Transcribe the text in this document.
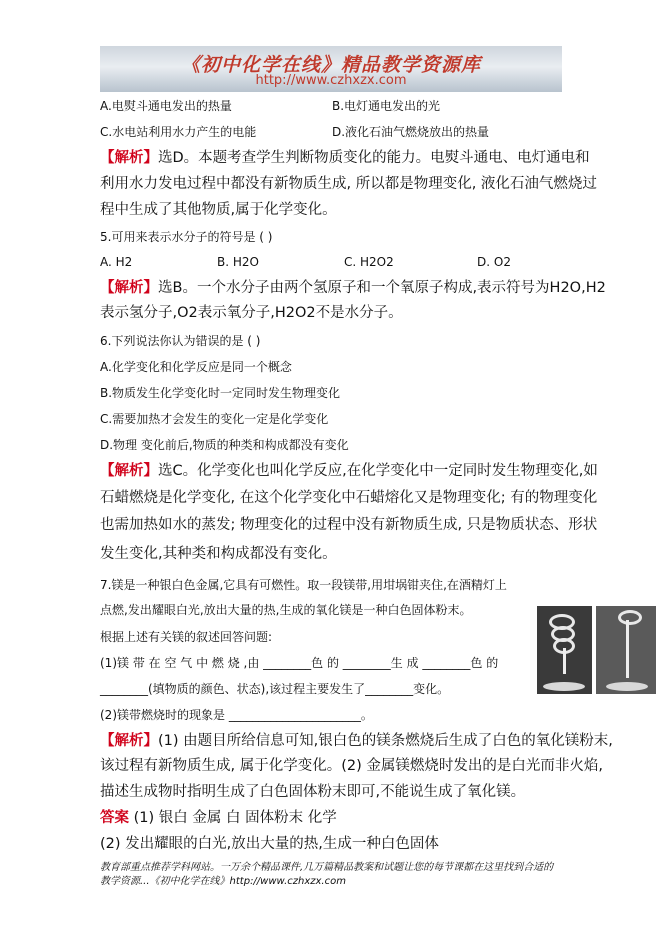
《初中化学在线》精品教学资源库
http://www.czhxzx.com
A.电熨斗通电发出的热量	B.电灯通电发出的光
C.水电站利用水力产生的电能	D.液化石油气燃烧放出的热量
【解析】选D。本题考查学生判断物质变化的能力。电熨斗通电、电灯通电和
利用水力发电过程中都没有新物质生成, 所以都是物理变化, 液化石油气燃烧过
程中生成了其他物质,属于化学变化。
5.可用来表示水分子的符号是 ( )
A. H2	B. H2O	C. H2O2	D. O2
【解析】选B。一个水分子由两个氢原子和一个氧原子构成,表示符号为H2O,H2
表示氢分子,O2表示氧分子,H2O2不是水分子。
6.下列说法你认为错误的是 ( )
A.化学变化和化学反应是同一个概念
B.物质发生化学变化时一定同时发生物理变化
C.需要加热才会发生的变化一定是化学变化
D.物理 变化前后,物质的种类和构成都没有变化
【解析】选C。化学变化也叫化学反应,在化学变化中一定同时发生物理变化,如
石蜡燃烧是化学变化, 在这个化学变化中石蜡熔化又是物理变化; 有的物理变化
也需加热如水的蒸发; 物理变化的过程中没有新物质生成, 只是物质状态、形状
发生变化,其种类和构成都没有变化。
7.镁是一种银白色金属,它具有可燃性。取一段镁带,用坩埚钳夹住,在酒精灯上
点燃,发出耀眼白光,放出大量的热,生成的氧化镁是一种白色固体粉末。
根据上述有关镁的叙述回答问题:
(1)镁 带 在 空 气 中 燃 烧 ,由 ________色 的 ________生 成 ________色 的
________(填物质的颜色、状态),该过程主要发生了________变化。
(2)镁带燃烧时的现象是 ______________________。
【解析】(1) 由题目所给信息可知,银白色的镁条燃烧后生成了白色的氧化镁粉末,
该过程有新物质生成, 属于化学变化。(2) 金属镁燃烧时发出的是白光而非火焰,
描述生成物时指明生成了白色固体粉末即可,不能说生成了氧化镁。
答案 (1) 银白 金属 白 固体粉末 化学
(2) 发出耀眼的白光,放出大量的热,生成一种白色固体
教育部重点推荐学科网站。一万余个精品课件,几万篇精品教案和试题让您的每节课都在这里找到合适的
教学资源...《初中化学在线》http://www.czhxzx.com
